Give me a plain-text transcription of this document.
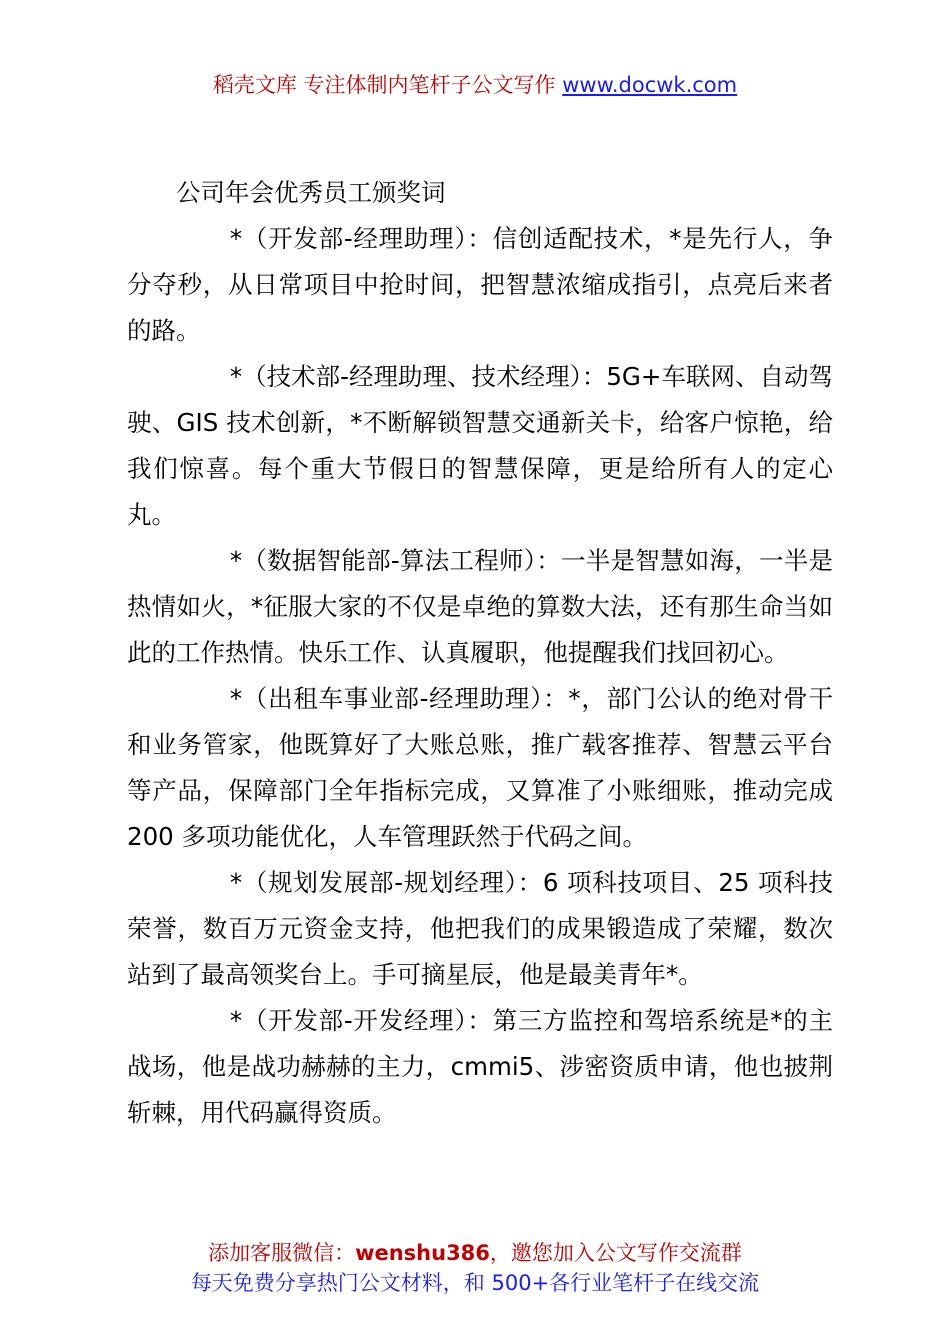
稻壳文库 专注体制内笔杆子公文写作 www.docwk.com

公司年会优秀员工颁奖词

*（开发部-经理助理）：信创适配技术，*是先行人，争分夺秒，从日常项目中抢时间，把智慧浓缩成指引，点亮后来者的路。

*（技术部-经理助理、技术经理）：5G+车联网、自动驾驶、GIS 技术创新，*不断解锁智慧交通新关卡，给客户惊艳，给我们惊喜。每个重大节假日的智慧保障，更是给所有人的定心丸。

*（数据智能部-算法工程师）：一半是智慧如海，一半是热情如火，*征服大家的不仅是卓绝的算数大法，还有那生命当如此的工作热情。快乐工作、认真履职，他提醒我们找回初心。

*（出租车事业部-经理助理）：*，部门公认的绝对骨干和业务管家，他既算好了大账总账，推广载客推荐、智慧云平台等产品，保障部门全年指标完成，又算准了小账细账，推动完成 200 多项功能优化，人车管理跃然于代码之间。

*（规划发展部-规划经理）：6 项科技项目、25 项科技荣誉，数百万元资金支持，他把我们的成果锻造成了荣耀，数次站到了最高领奖台上。手可摘星辰，他是最美青年*。

*（开发部-开发经理）：第三方监控和驾培系统是*的主战场，他是战功赫赫的主力，cmmi5、涉密资质申请，他也披荆斩棘，用代码赢得资质。

添加客服微信：wenshu386，邀您加入公文写作交流群
每天免费分享热门公文材料，和 500+各行业笔杆子在线交流
